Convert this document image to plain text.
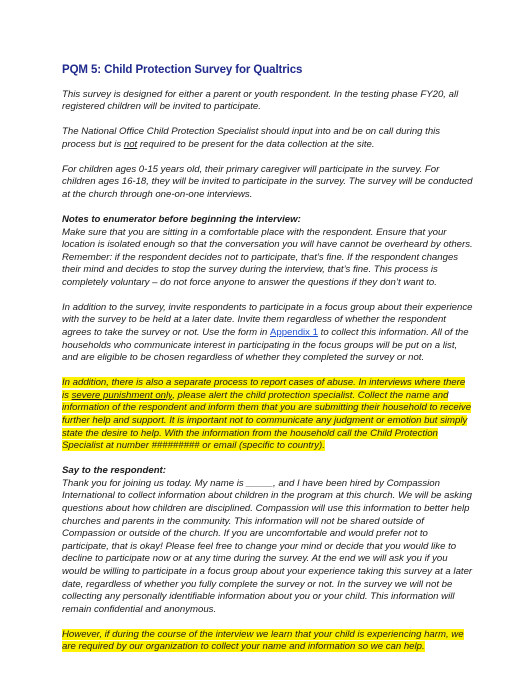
PQM 5: Child Protection Survey for Qualtrics

This survey is designed for either a parent or youth respondent. In the testing phase FY20, all registered children will be invited to participate.

The National Office Child Protection Specialist should input into and be on call during this process but is not required to be present for the data collection at the site.

For children ages 0-15 years old, their primary caregiver will participate in the survey. For children ages 16-18, they will be invited to participate in the survey. The survey will be conducted at the church through one-on-one interviews.

Notes to enumerator before beginning the interview:
Make sure that you are sitting in a comfortable place with the respondent. Ensure that your location is isolated enough so that the conversation you will have cannot be overheard by others. Remember: if the respondent decides not to participate, that’s fine. If the respondent changes their mind and decides to stop the survey during the interview, that’s fine. This process is completely voluntary – do not force anyone to answer the questions if they don’t want to.

In addition to the survey, invite respondents to participate in a focus group about their experience with the survey to be held at a later date. Invite them regardless of whether the respondent agrees to take the survey or not. Use the form in Appendix 1 to collect this information. All of the households who communicate interest in participating in the focus groups will be put on a list, and are eligible to be chosen regardless of whether they completed the survey or not.

In addition, there is also a separate process to report cases of abuse. In interviews where there is severe punishment only, please alert the child protection specialist. Collect the name and information of the respondent and inform them that you are submitting their household to receive further help and support. It is important not to communicate any judgment or emotion but simply state the desire to help. With the information from the household call the Child Protection Specialist at number ######### or email (specific to country).

Say to the respondent:
Thank you for joining us today. My name is _____, and I have been hired by Compassion International to collect information about children in the program at this church. We will be asking questions about how children are disciplined. Compassion will use this information to better help churches and parents in the community. This information will not be shared outside of Compassion or outside of the church. If you are uncomfortable and would prefer not to participate, that is okay! Please feel free to change your mind or decide that you would like to decline to participate now or at any time during the survey. At the end we will ask you if you would be willing to participate in a focus group about your experience taking this survey at a later date, regardless of whether you fully complete the survey or not. In the survey we will not be collecting any personally identifiable information about you or your child. This information will remain confidential and anonymous.

However, if during the course of the interview we learn that your child is experiencing harm, we are required by our organization to collect your name and information so we can help.
